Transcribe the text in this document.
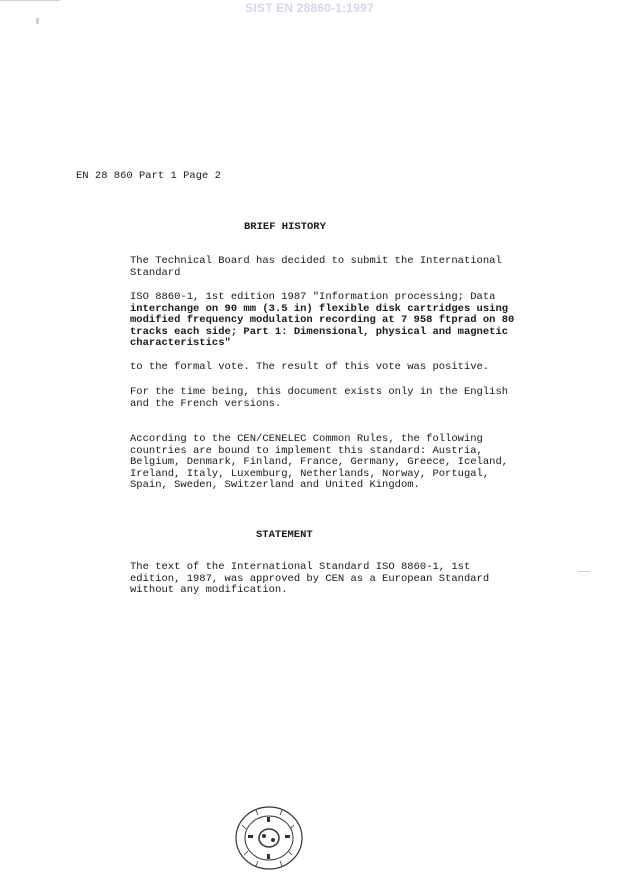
SIST EN 28860-1:1997
EN 28 860 Part 1 Page 2
BRIEF HISTORY

The Technical Board has decided to submit the International
Standard

ISO 8860-1, 1st edition 1987 "Information processing; Data
interchange on 90 mm (3.5 in) flexible disk cartridges using
modified frequency modulation recording at 7 958 ftprad on 80
tracks each side; Part 1: Dimensional, physical and magnetic
characteristics"

to the formal vote. The result of this vote was positive.

For the time being, this document exists only in the English
and the French versions.

According to the CEN/CENELEC Common Rules, the following
countries are bound to implement this standard: Austria,
Belgium, Denmark, Finland, France, Germany, Greece, Iceland,
Ireland, Italy, Luxemburg, Netherlands, Norway, Portugal,
Spain, Sweden, Switzerland and United Kingdom.

STATEMENT

The text of the International Standard ISO 8860-1, 1st
edition, 1987, was approved by CEN as a European Standard
without any modification.
